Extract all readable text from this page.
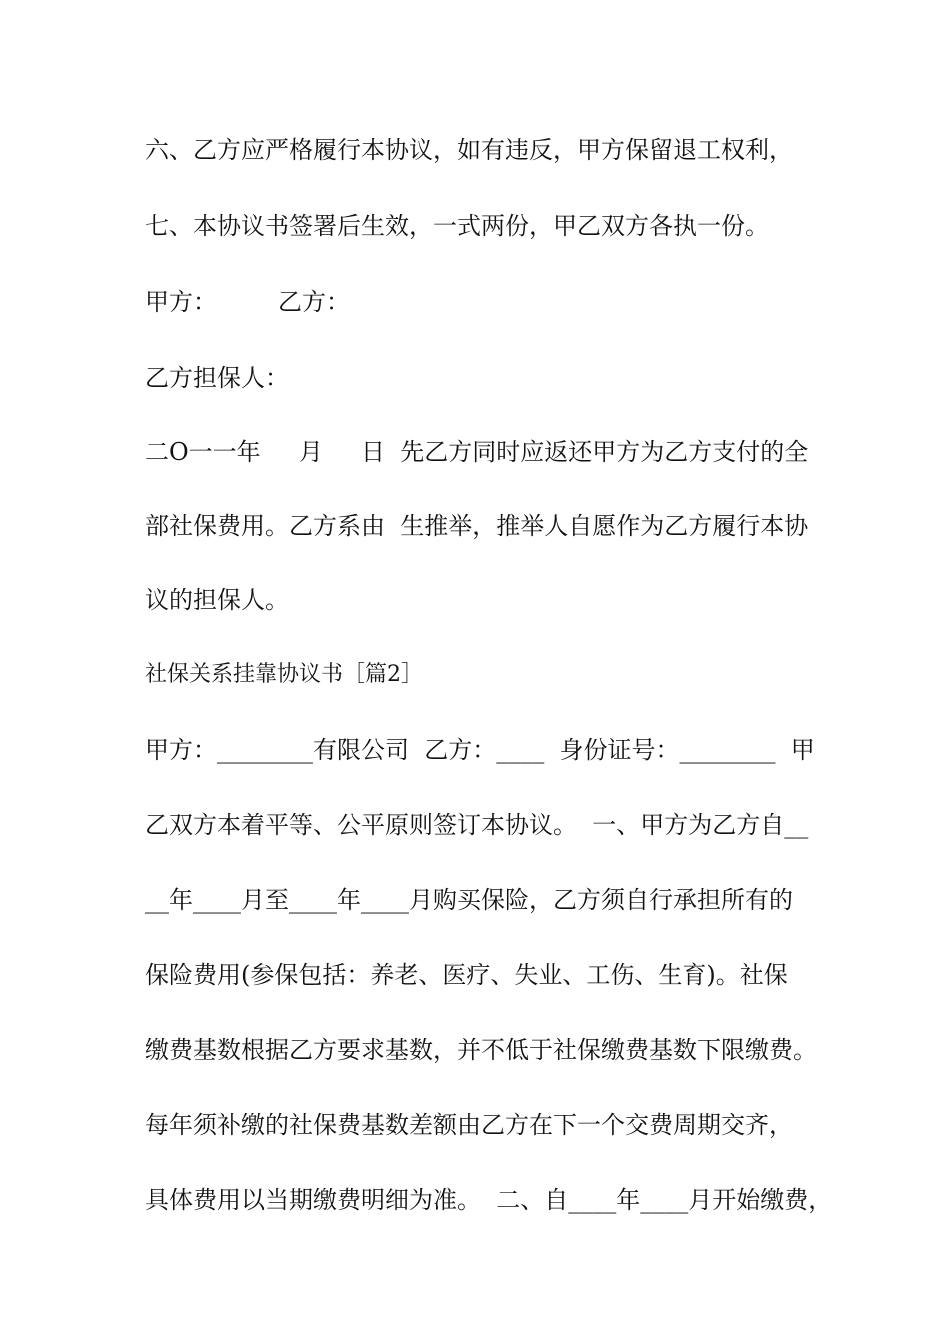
六、乙方应严格履行本协议，如有违反，甲方保留退工权利，
七、本协议书签署后生效，一式两份，甲乙双方各执一份。
甲方：        乙方：
乙方担保人：
二O一一年     月     日  先乙方同时应返还甲方为乙方支付的全
部社保费用。乙方系由  生推举，推举人自愿作为乙方履行本协
议的担保人。
社保关系挂靠协议书［篇2］
甲方：________有限公司  乙方：____  身份证号：________  甲
乙双方本着平等、公平原则签订本协议。  一、甲方为乙方自__
__年____月至____年____月购买保险，乙方须自行承担所有的
保险费用(参保包括：养老、医疗、失业、工伤、生育)。社保
缴费基数根据乙方要求基数，并不低于社保缴费基数下限缴费。
每年须补缴的社保费基数差额由乙方在下一个交费周期交齐，
具体费用以当期缴费明细为准。  二、自____年____月开始缴费，
